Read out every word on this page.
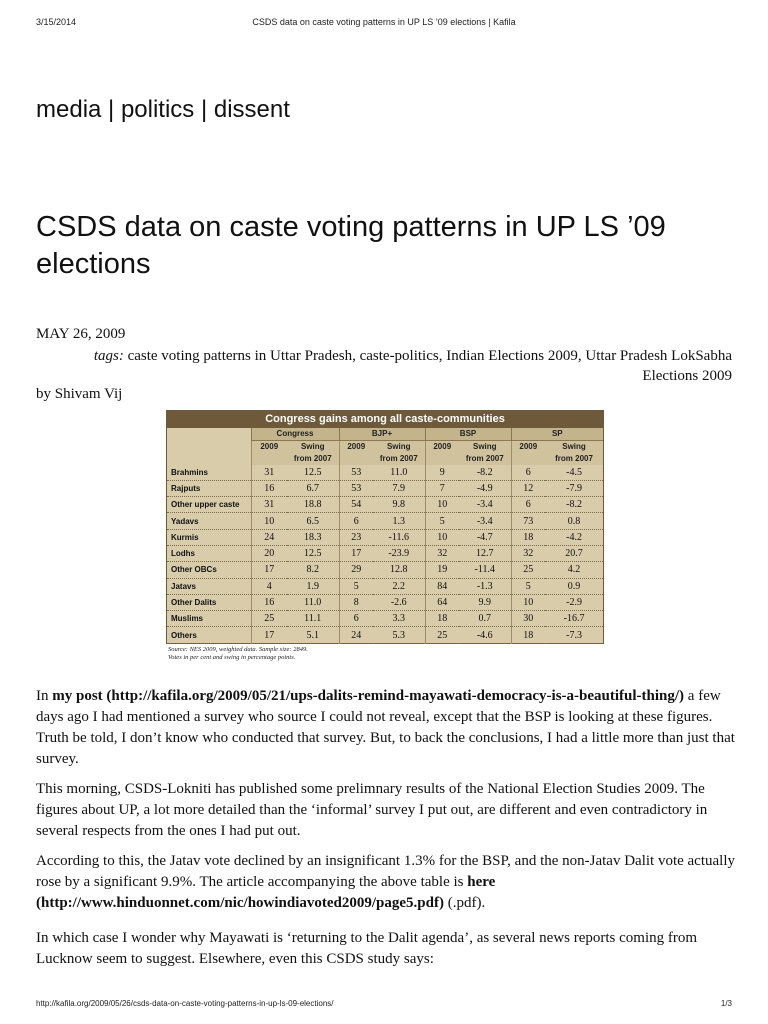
3/15/2014	CSDS data on caste voting patterns in UP LS ’09 elections | Kafila
media | politics | dissent
CSDS data on caste voting patterns in UP LS ’09 elections
MAY 26, 2009
tags: caste voting patterns in Uttar Pradesh, caste-politics, Indian Elections 2009, Uttar Pradesh LokSabha Elections 2009
by Shivam Vij
Congress gains among all caste-communities
	Congress		BJP+		BSP		SP	
	2009	Swing	2009	Swing	2009	Swing	2009	Swing
		from 2007		from 2007		from 2007		from 2007
Brahmins	31	12.5	53	11.0	9	-8.2	6	-4.5
Rajputs	16	6.7	53	7.9	7	-4.9	12	-7.9
Other upper caste	31	18.8	54	9.8	10	-3.4	6	-8.2
Yadavs	10	6.5	6	1.3	5	-3.4	73	0.8
Kurmis	24	18.3	23	-11.6	10	-4.7	18	-4.2
Lodhs	20	12.5	17	-23.9	32	12.7	32	20.7
Other OBCs	17	8.2	29	12.8	19	-11.4	25	4.2
Jatavs	4	1.9	5	2.2	84	-1.3	5	0.9
Other Dalits	16	11.0	8	-2.6	64	9.9	10	-2.9
Muslims	25	11.1	6	3.3	18	0.7	30	-16.7
Others	17	5.1	24	5.3	25	-4.6	18	-7.3
Source: NES 2009, weighted data. Sample size: 2849.
Votes in per cent and swing in percentage points.

In my post (http://kafila.org/2009/05/21/ups-dalits-remind-mayawati-democracy-is-a-beautiful-thing/) a few days ago I had mentioned a survey who source I could not reveal, except that the BSP is looking at these figures. Truth be told, I don’t know who conducted that survey. But, to back the conclusions, I had a little more than just that survey.

This morning, CSDS-Lokniti has published some prelimnary results of the National Election Studies 2009. The figures about UP, a lot more detailed than the ‘informal’ survey I put out, are different and even contradictory in several respects from the ones I had put out.

According to this, the Jatav vote declined by an insignificant 1.3% for the BSP, and the non-Jatav Dalit vote actually rose by a significant 9.9%. The article accompanying the above table is here (http://www.hinduonnet.com/nic/howindiavoted2009/page5.pdf) (.pdf).

In which case I wonder why Mayawati is ‘returning to the Dalit agenda’, as several news reports coming from Lucknow seem to suggest. Elsewhere, even this CSDS study says:

http://kafila.org/2009/05/26/csds-data-on-caste-voting-patterns-in-up-ls-09-elections/	1/3
